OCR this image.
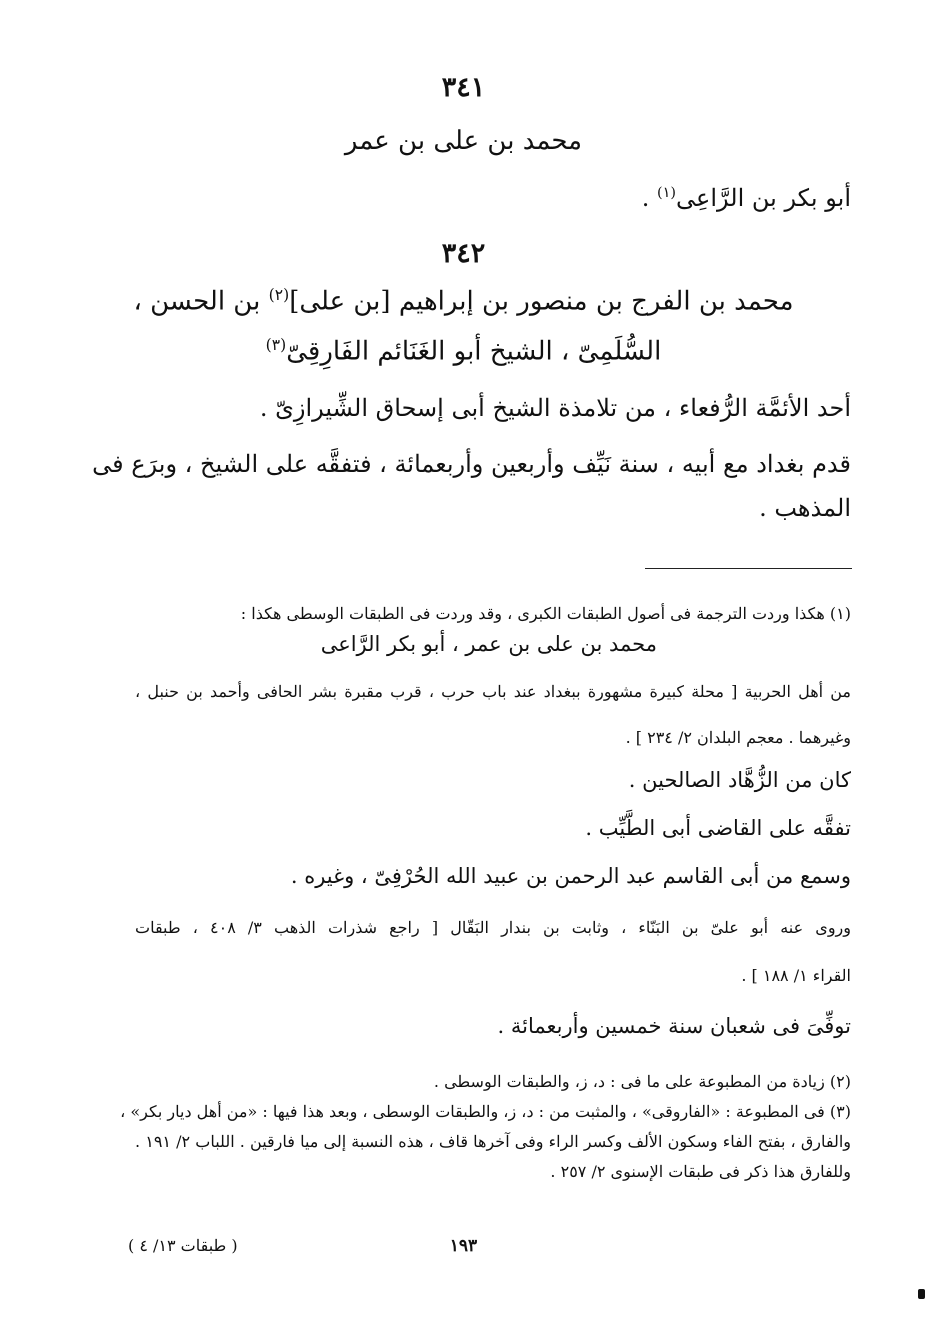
٣٤١
محمد بن على بن عمر
أبو بكر بن الرَّاعِى$^{(١)}$ .
٣٤٢
محمد بن الفرج بن منصور بن إبراهيم [بن على]$^{(٢)}$ بن الحسن ،
السُّلَمِىّ ، الشيخ أبو الغَنَائم الفَارِقِىّ$^{(٣)}$
أحد الأئمَّة الرُّفعاء ، من تلامذة الشيخ أبى إسحاق الشِّيرازِىّ .
قدم بغداد مع أبيه ، سنة نَيِّف وأربعين وأربعمائة ، فتفقَّه على الشيخ ، وبرَع فى
المذهب .
(١) هكذا وردت الترجمة فى أصول الطبقات الكبرى ، وقد وردت فى الطبقات الوسطى هكذا :
محمد بن على بن عمر ، أبو بكر الرَّاعى
من أهل الحربية [ محلة كبيرة مشهورة ببغداد عند باب حرب ، قرب مقبرة بشر الحافى وأحمد بن حنبل ،
وغيرهما . معجم البلدان ٢/ ٢٣٤ ] .
كان من الزُّهَّاد الصالحين .
تفقَّه على القاضى أبى الطَّيِّب .
وسمع من أبى القاسم عبد الرحمن بن عبيد الله الحُرْفِىّ ، وغيره .
وروى عنه أبو علىّ بن البَنّاء ، وثابت بن بندار البَقّال [ راجع شذرات الذهب ٣/ ٤٠٨ ، طبقات
القراء ١/ ١٨٨ ] .
توفِّىَ فى شعبان سنة خمسين وأربعمائة .
(٢) زيادة من المطبوعة على ما فى : د، ز، والطبقات الوسطى .
(٣) فى المطبوعة : «الفاروقى» ، والمثبت من : د، ز، والطبقات الوسطى ، وبعد هذا فيها : «من أهل ديار بكر» ،
والفارق ، بفتح الفاء وسكون الألف وكسر الراء وفى آخرها قاف ، هذه النسبة إلى ميا فارقين . اللباب ٢/ ١٩١ .
وللفارق هذا ذكر فى طبقات الإسنوى ٢/ ٢٥٧ .
( طبقات ١٣/ ٤ )	١٩٣
